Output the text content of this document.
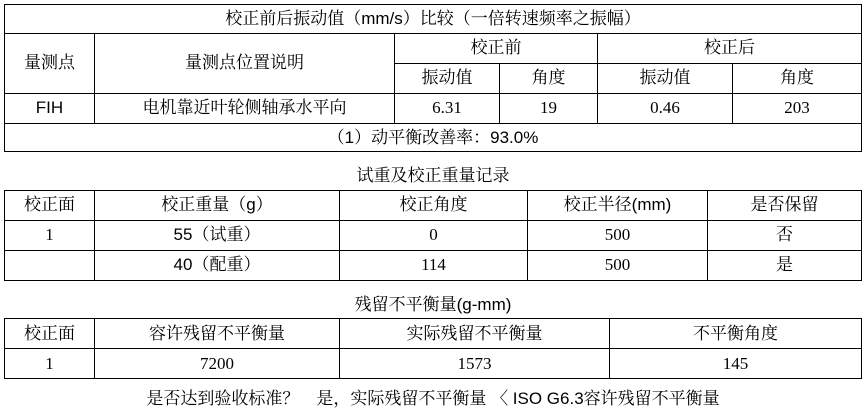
校正前后振动值（mm/s）比较（一倍转速频率之振幅）					
量测点	量测点位置说明	校正前		校正后	
		振动值	角度	振动值	角度
FIH	电机靠近叶轮侧轴承水平向	6.31	19	0.46	203
（1）动平衡改善率：93.0%					
试重及校正重量记录				
校正面	校正重量（g）	校正角度	校正半径(mm)	是否保留
1	55（试重）	0	500	否
	40（配重）	114	500	是
残留不平衡量(g-mm)			
校正面	容许残留不平衡量	实际残留不平衡量	不平衡角度
1	7200	1573	145
是否达到验收标准？　是，实际残留不平衡量 〈 ISO G6.3容许残留不平衡量			
